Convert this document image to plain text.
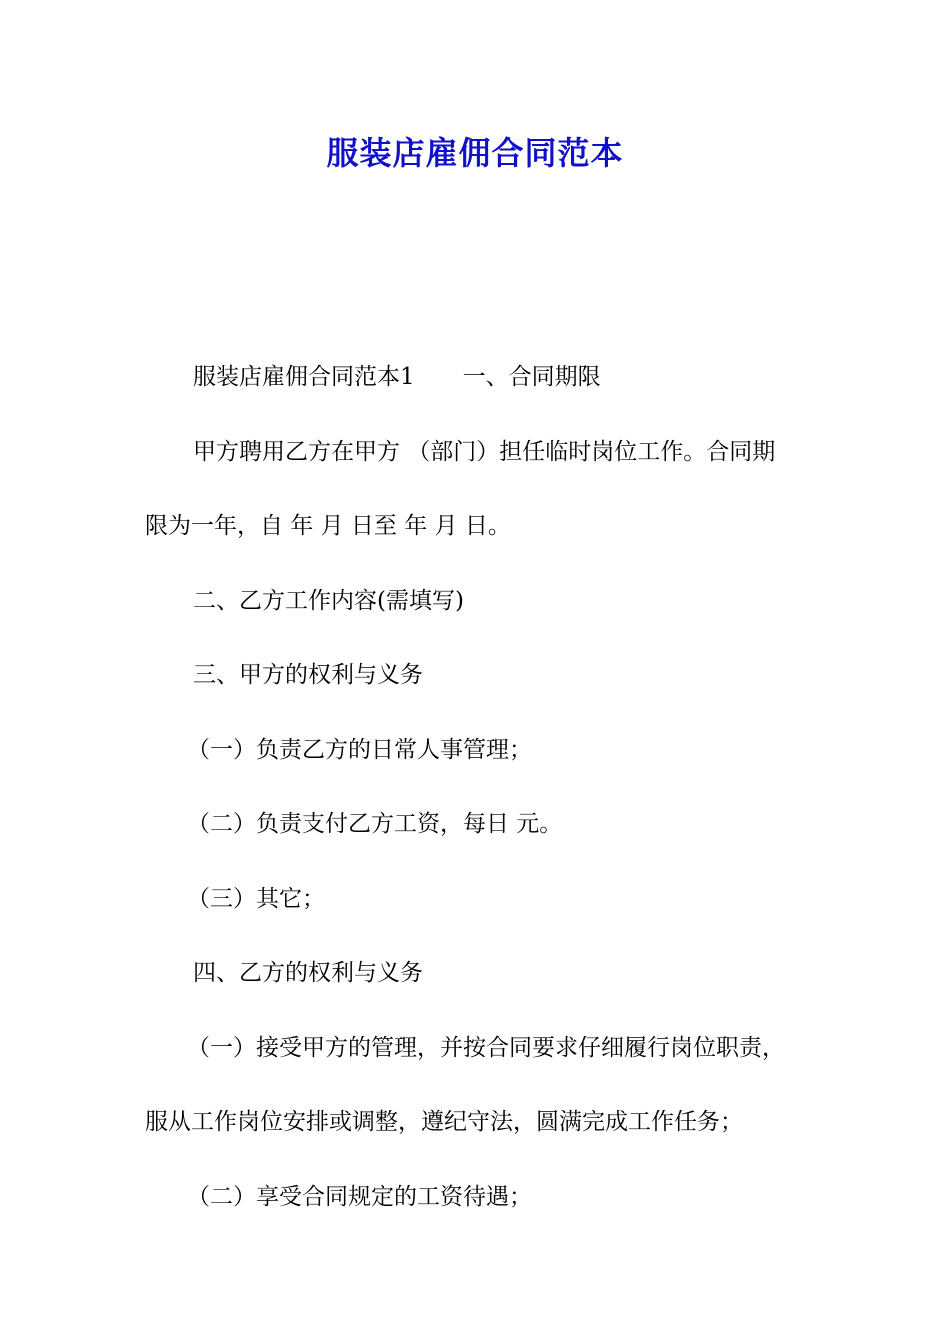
服装店雇佣合同范本
服装店雇佣合同范本1 一、合同期限
甲方聘用乙方在甲方 （部门）担任临时岗位工作。合同期
限为一年，自 年 月 日至 年 月 日。
二、乙方工作内容(需填写)
三、甲方的权利与义务
（一）负责乙方的日常人事管理；
（二）负责支付乙方工资，每日 元。
（三）其它；
四、乙方的权利与义务
（一）接受甲方的管理，并按合同要求仔细履行岗位职责，
服从工作岗位安排或调整，遵纪守法，圆满完成工作任务；
（二）享受合同规定的工资待遇；
